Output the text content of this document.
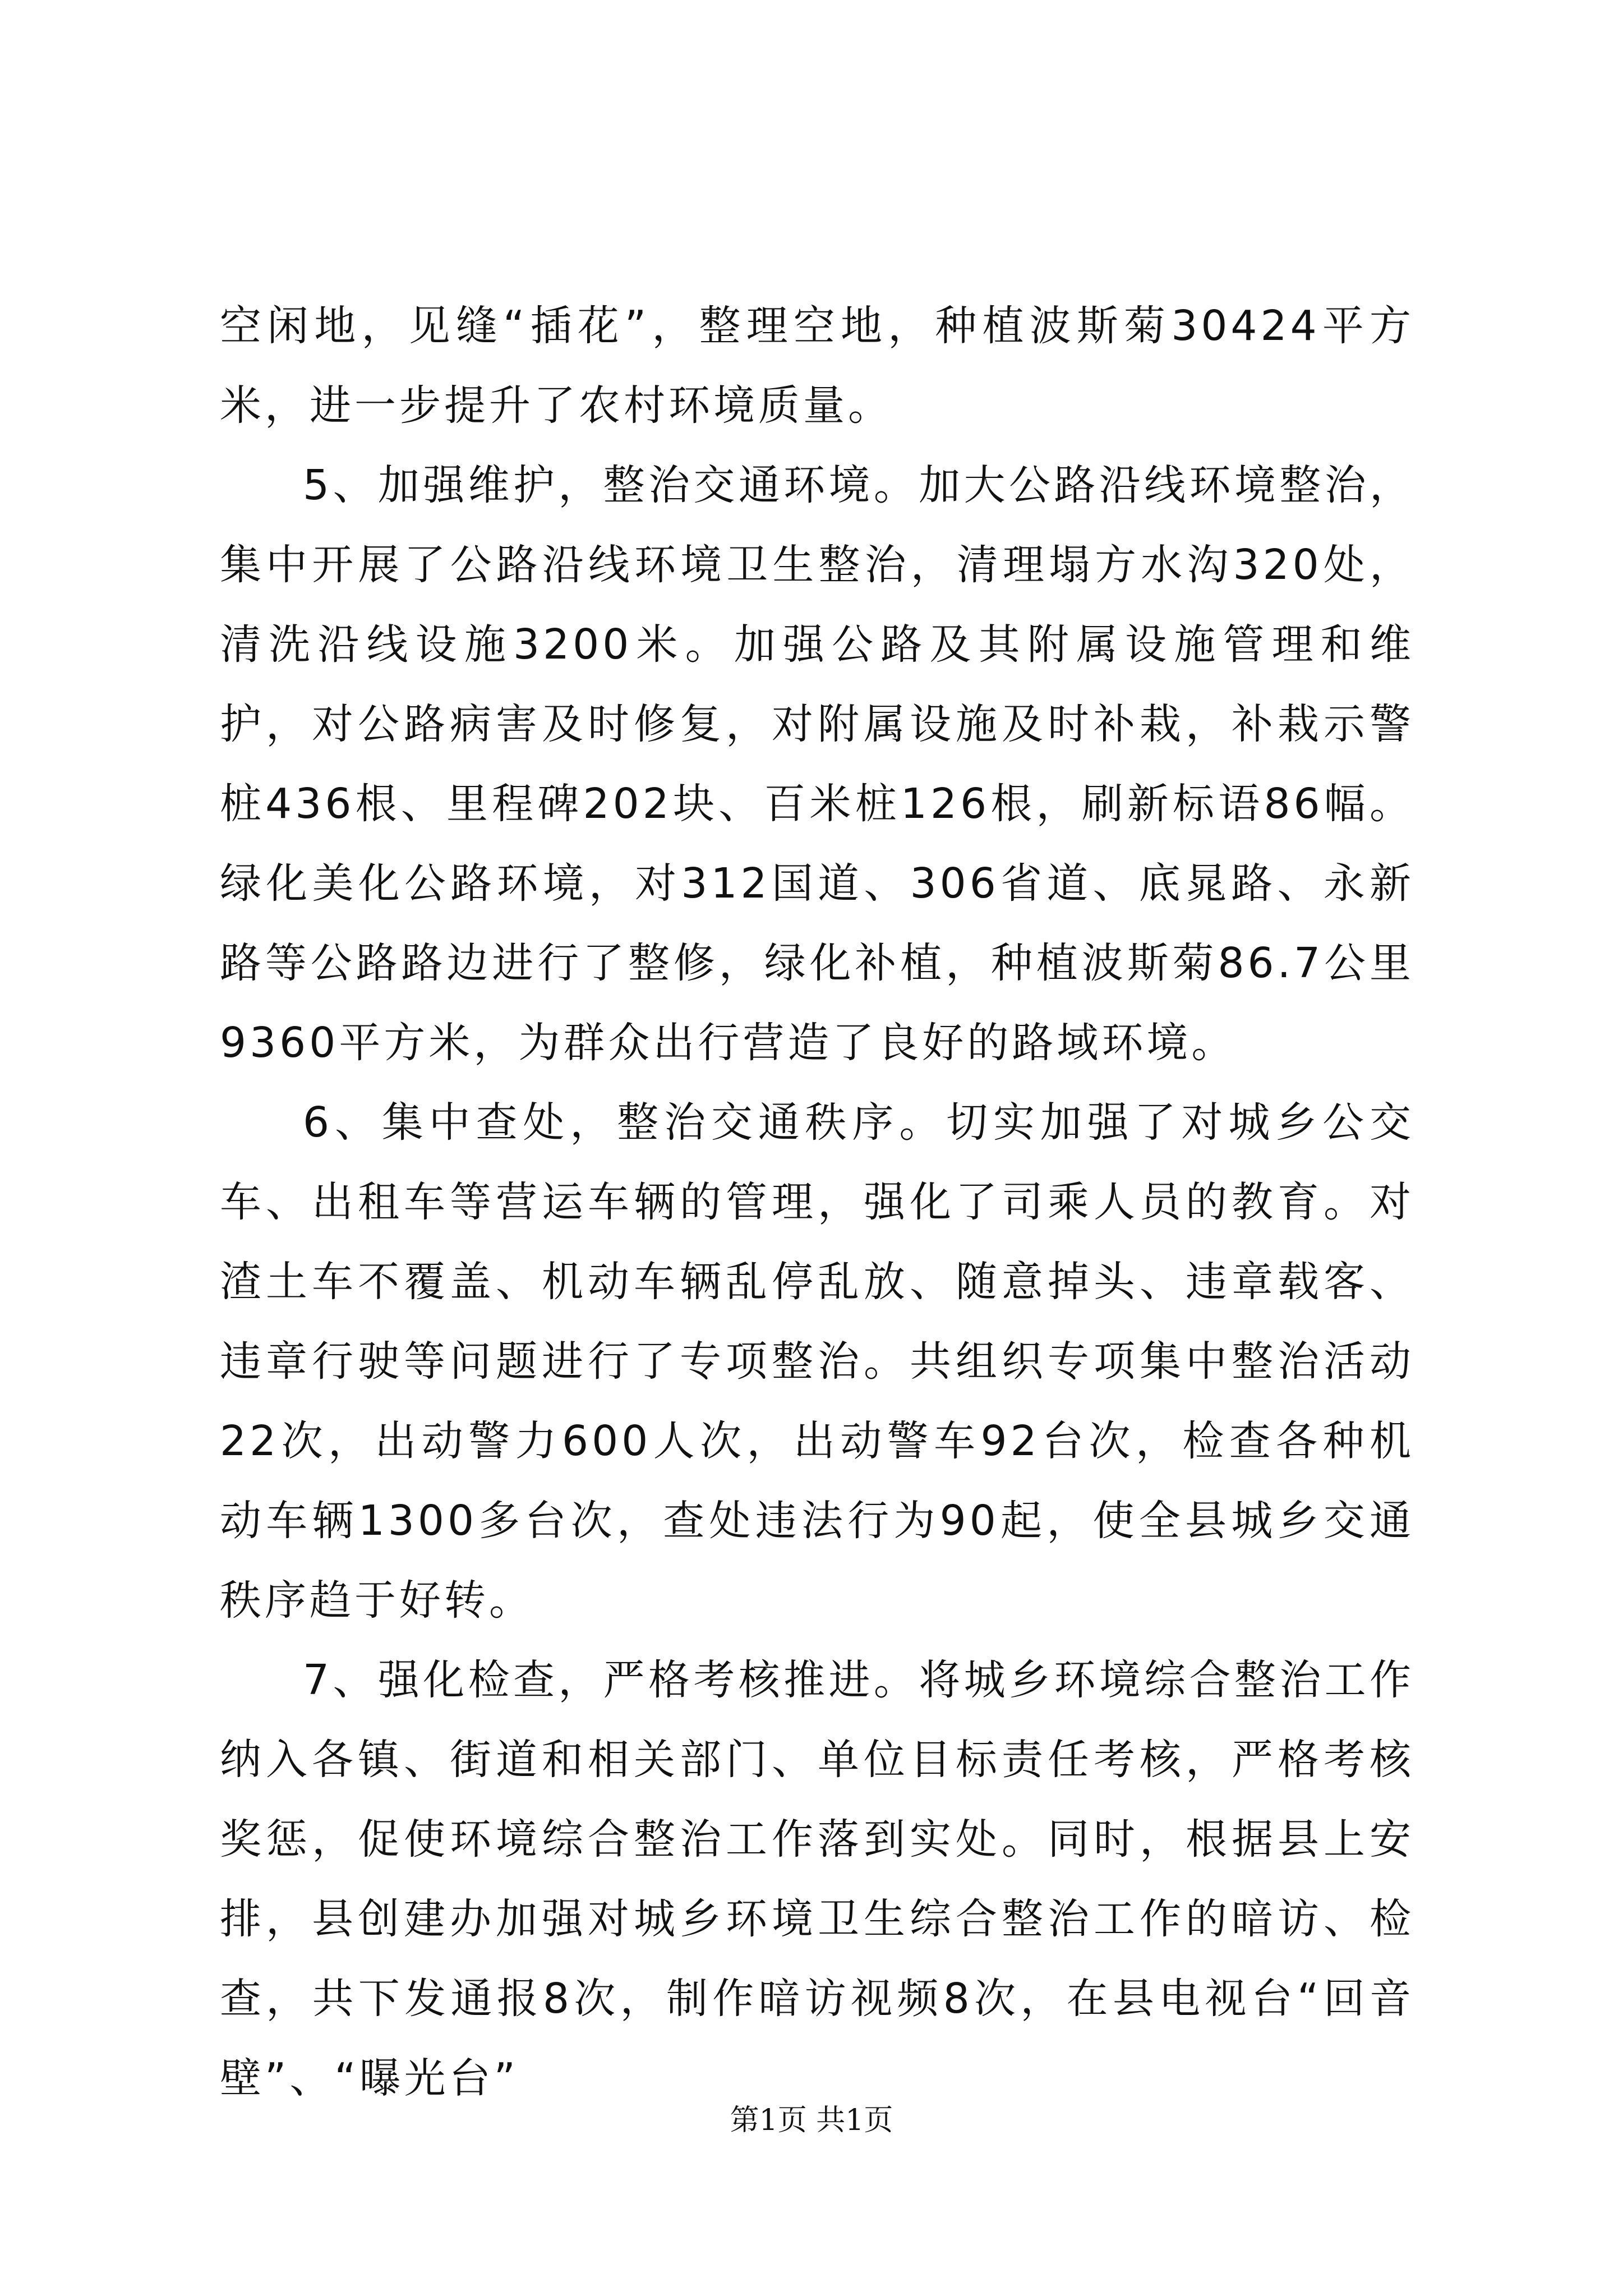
空闲地，见缝“插花”，整理空地，种植波斯菊30424平方米，进一步提升了农村环境质量。

5、加强维护，整治交通环境。加大公路沿线环境整治，集中开展了公路沿线环境卫生整治，清理塌方水沟320处，清洗沿线设施3200米。加强公路及其附属设施管理和维护，对公路病害及时修复，对附属设施及时补栽，补栽示警桩436根、里程碑202块、百米桩126根，刷新标语86幅。绿化美化公路环境，对312国道、306省道、底晁路、永新路等公路路边进行了整修，绿化补植，种植波斯菊86.7公里9360平方米，为群众出行营造了良好的路域环境。

6、集中查处，整治交通秩序。切实加强了对城乡公交车、出租车等营运车辆的管理，强化了司乘人员的教育。对渣土车不覆盖、机动车辆乱停乱放、随意掉头、违章载客、违章行驶等问题进行了专项整治。共组织专项集中整治活动22次，出动警力600人次，出动警车92台次，检查各种机动车辆1300多台次，查处违法行为90起，使全县城乡交通秩序趋于好转。

7、强化检查，严格考核推进。将城乡环境综合整治工作纳入各镇、街道和相关部门、单位目标责任考核，严格考核奖惩，促使环境综合整治工作落到实处。同时，根据县上安排，县创建办加强对城乡环境卫生综合整治工作的暗访、检查，共下发通报8次，制作暗访视频8次，在县电视台“回音壁”、“曝光台”

第1页 共1页
